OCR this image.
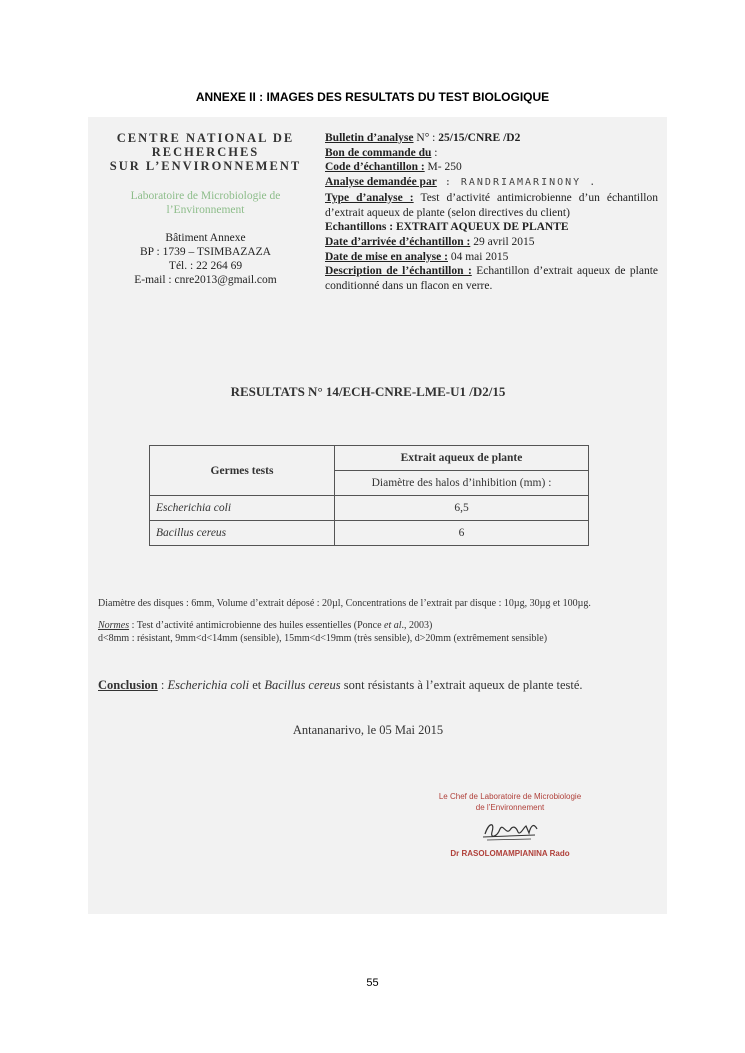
ANNEXE II : IMAGES DES RESULTATS DU TEST BIOLOGIQUE
CENTRE NATIONAL DE
RECHERCHES
SUR L’ENVIRONNEMENT
Laboratoire de Microbiologie de
l’Environnement
Bâtiment Annexe
BP : 1739 – TSIMBAZAZA
Tél. : 22 264 69
E-mail : cnre2013@gmail.com
Bulletin d’analyse N° : 25/15/CNRE /D2
Bon de commande du :
Code d’échantillon : M- 250
Analyse demandée par : RANDRIAMARINONY .
Type d’analyse : Test d’activité antimicrobienne d’un échantillon d’extrait aqueux de plante (selon directives du client)
Echantillons : EXTRAIT AQUEUX DE PLANTE
Date d’arrivée d’échantillon : 29 avril 2015
Date de mise en analyse : 04 mai 2015
Description de l’échantillon : Echantillon d’extrait aqueux de plante conditionné dans un flacon en verre.
RESULTATS N° 14/ECH-CNRE-LME-U1 /D2/15
Germes tests	Extrait aqueux de plante
	Diamètre des halos d’inhibition (mm) :
Escherichia coli	6,5
Bacillus cereus	6

Diamètre des disques : 6mm, Volume d’extrait déposé : 20µl, Concentrations de l’extrait par disque : 10µg, 30µg et 100µg.

Normes : Test d’activité antimicrobienne des huiles essentielles (Ponce et al., 2003)
d<8mm : résistant, 9mm<d<14mm (sensible), 15mm<d<19mm (très sensible), d>20mm (extrêmement sensible)

Conclusion : Escherichia coli et Bacillus cereus sont résistants à l’extrait aqueux de plante testé.
Antananarivo, le 05 Mai 2015
Le Chef de Laboratoire de Microbiologie
de l’Environnement
Dr RASOLOMAMPIANINA Rado
55
